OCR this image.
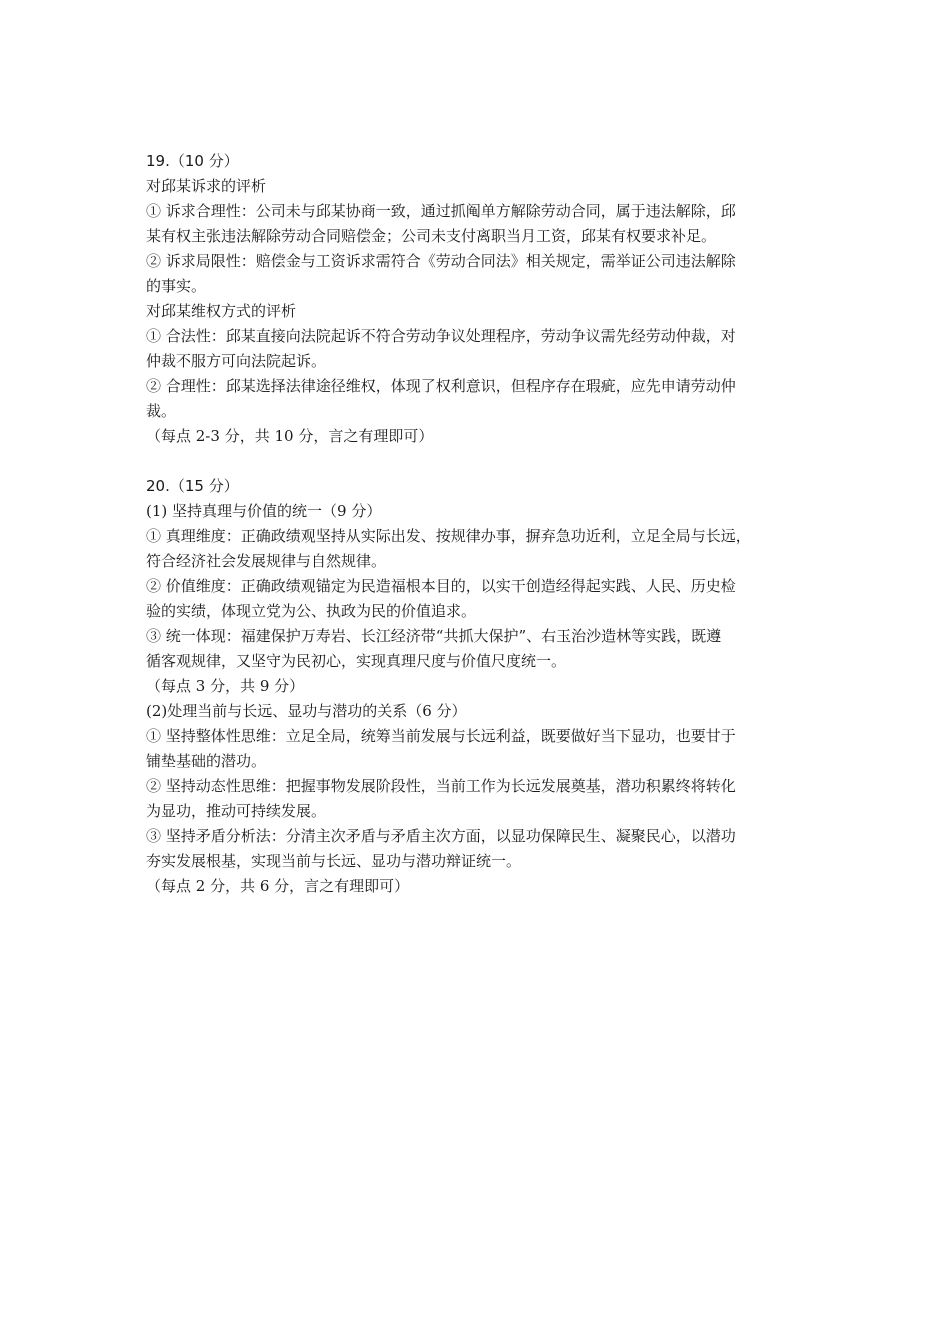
19.（10 分）

对邱某诉求的评析

① 诉求合理性：公司未与邱某协商一致，通过抓阄单方解除劳动合同，属于违法解除，邱

某有权主张违法解除劳动合同赔偿金；公司未支付离职当月工资，邱某有权要求补足。

② 诉求局限性：赔偿金与工资诉求需符合《劳动合同法》相关规定，需举证公司违法解除

的事实。

对邱某维权方式的评析

① 合法性：邱某直接向法院起诉不符合劳动争议处理程序，劳动争议需先经劳动仲裁，对

仲裁不服方可向法院起诉。

② 合理性：邱某选择法律途径维权，体现了权利意识，但程序存在瑕疵，应先申请劳动仲

裁。

（每点 2-3 分，共 10 分，言之有理即可）

20.（15 分）

(1) 坚持真理与价值的统一（9 分）

① 真理维度：正确政绩观坚持从实际出发、按规律办事，摒弃急功近利，立足全局与长远，

符合经济社会发展规律与自然规律。

② 价值维度：正确政绩观锚定为民造福根本目的，以实干创造经得起实践、人民、历史检

验的实绩，体现立党为公、执政为民的价值追求。

③ 统一体现：福建保护万寿岩、长江经济带“共抓大保护”、右玉治沙造林等实践，既遵

循客观规律，又坚守为民初心，实现真理尺度与价值尺度统一。

（每点 3 分，共 9 分）

(2)处理当前与长远、显功与潜功的关系（6 分）

① 坚持整体性思维：立足全局，统筹当前发展与长远利益，既要做好当下显功，也要甘于

铺垫基础的潜功。

② 坚持动态性思维：把握事物发展阶段性，当前工作为长远发展奠基，潜功积累终将转化

为显功，推动可持续发展。

③ 坚持矛盾分析法：分清主次矛盾与矛盾主次方面，以显功保障民生、凝聚民心，以潜功

夯实发展根基，实现当前与长远、显功与潜功辩证统一。

（每点 2 分，共 6 分，言之有理即可）
